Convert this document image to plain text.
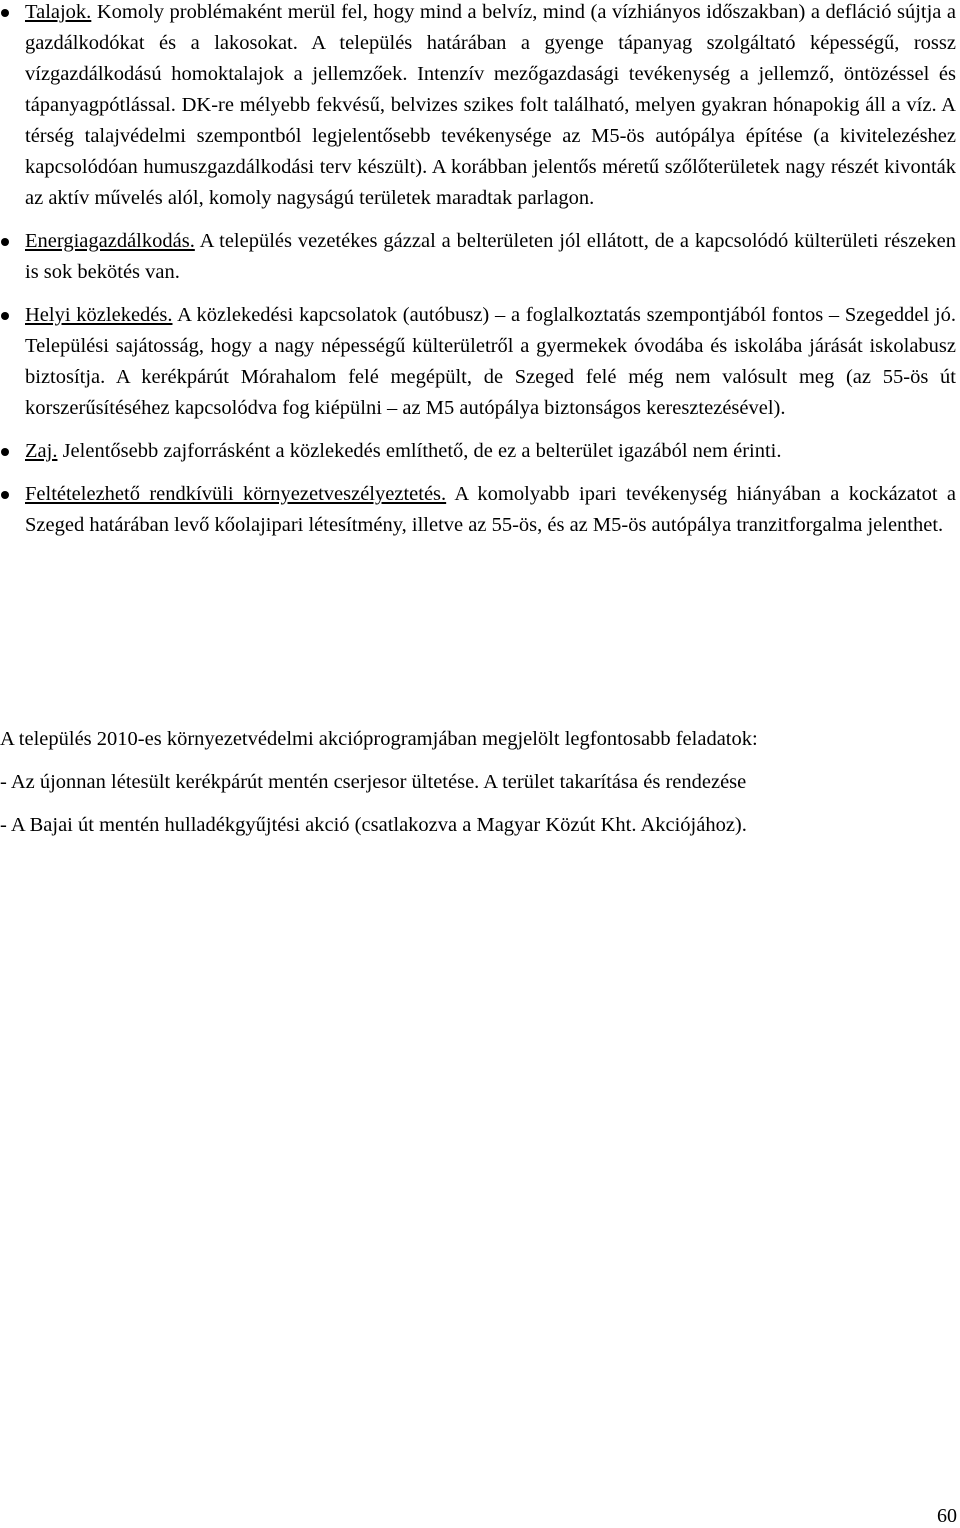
Talajok. Komoly problémaként merül fel, hogy mind a belvíz, mind (a vízhiányos időszakban) a defláció sújtja a gazdálkodókat és a lakosokat. A település határában a gyenge tápanyag szolgáltató képességű, rossz vízgazdálkodású homoktalajok a jellemzőek. Intenzív mezőgazdasági tevékenység a jellemző, öntözéssel és tápanyagpótlással. DK-re mélyebb fekvésű, belvizes szikes folt található, melyen gyakran hónapokig áll a víz. A térség talajvédelmi szempontból legjelentősebb tevékenysége az M5-ös autópálya építése (a kivitelezéshez kapcsolódóan humuszgazdálkodási terv készült). A korábban jelentős méretű szőlőterületek nagy részét kivonták az aktív művelés alól, komoly nagyságú területek maradtak parlagon.
Energiagazdálkodás. A település vezetékes gázzal a belterületen jól ellátott, de a kapcsolódó külterületi részeken is sok bekötés van.
Helyi közlekedés. A közlekedési kapcsolatok (autóbusz) – a foglalkoztatás szempontjából fontos – Szegeddel jó. Települési sajátosság, hogy a nagy népességű külterületről a gyermekek óvodába és iskolába járását iskolabusz biztosítja. A kerékpárút Mórahalom felé megépült, de Szeged felé még nem valósult meg (az 55-ös út korszerűsítéséhez kapcsolódva fog kiépülni – az M5 autópálya biztonságos keresztezésével).
Zaj. Jelentősebb zajforrásként a közlekedés említhető, de ez a belterület igazából nem érinti.
Feltételezhető rendkívüli környezetveszélyeztetés. A komolyabb ipari tevékenység hiányában a kockázatot a Szeged határában levő kőolajipari létesítmény, illetve az 55-ös, és az M5-ös autópálya tranzitforgalma jelenthet.

A település 2010-es környezetvédelmi akcióprogramjában megjelölt legfontosabb feladatok:

- Az újonnan létesült kerékpárút mentén cserjesor ültetése. A terület takarítása és rendezése

- A Bajai út mentén hulladékgyűjtési akció (csatlakozva a Magyar Közút Kht. Akciójához).

60
